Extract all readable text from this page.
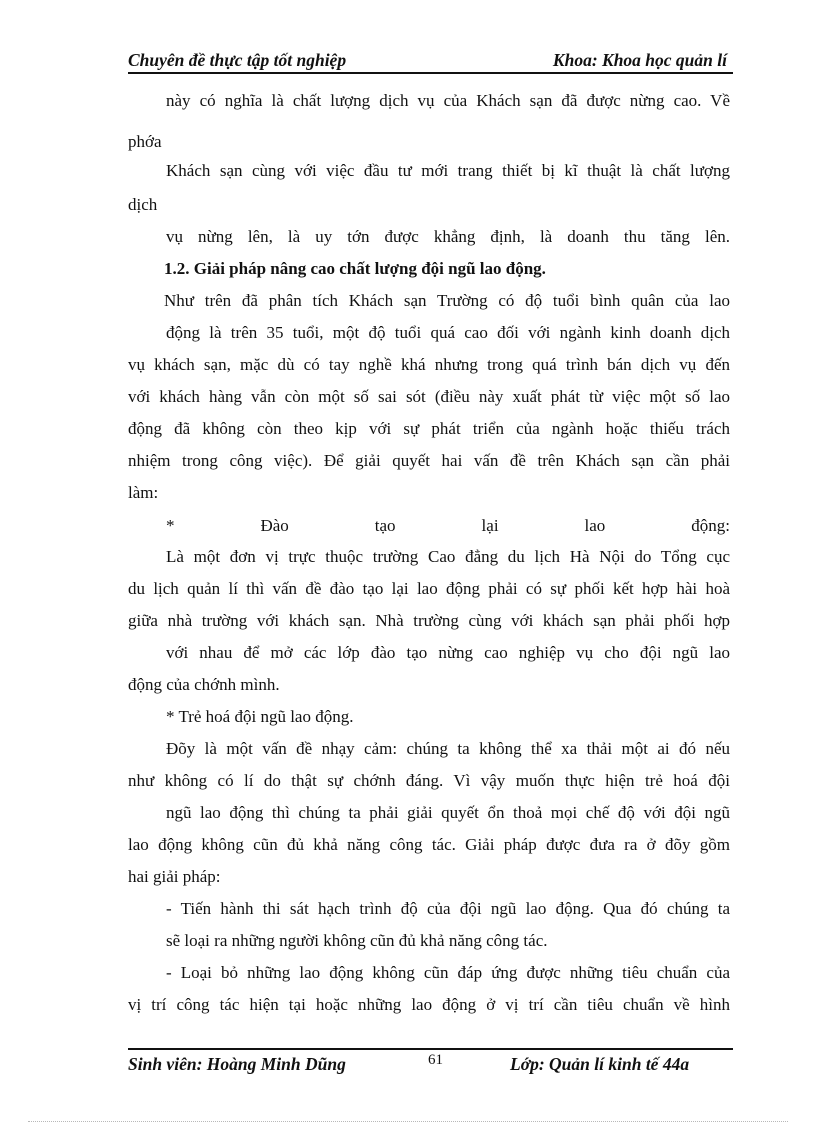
Chuyên đề thực tập tốt nghiệp	Khoa: Khoa học quản lí
này có nghĩa là chất lượng dịch vụ của Khách sạn đã được nừng cao. Về
phớa
Khách sạn cùng với việc đầu tư mới trang thiết bị kĩ thuật là chất lượng
dịch
vụ nừng lên, là uy tớn được khẳng định, là doanh thu tăng lên.
1.2. Giải pháp nâng cao chất lượng đội ngũ lao động.
Như trên đã phân tích Khách sạn Trường có độ tuổi bình quân của lao
động là trên 35 tuổi, một độ tuổi quá cao đối với ngành kinh doanh dịch
vụ khách sạn, mặc dù có tay nghề khá nhưng trong quá trình bán dịch vụ đến
với khách hàng vẫn còn một số sai sót (điều này xuất phát từ việc một số lao
động đã không còn theo kịp với sự phát triển của ngành hoặc thiếu trách
nhiệm trong công việc). Để giải quyết hai vấn đề trên Khách sạn cần phải
làm:
* Đào tạo lại lao động:
Là một đơn vị trực thuộc trường Cao đẳng du lịch Hà Nội do Tổng cục
du lịch quản lí thì vấn đề đào tạo lại lao động phải có sự phối kết hợp hài hoà
giữa nhà trường với khách sạn. Nhà trường cùng với khách sạn phải phối hợp
với nhau để mở các lớp đào tạo nừng cao nghiệp vụ cho đội ngũ lao
động của chớnh mình.
* Trẻ hoá đội ngũ lao động.
Đõy là một vấn đề nhạy cảm: chúng ta không thể xa thải một ai đó nếu
như không có lí do thật sự chớnh đáng. Vì vậy muốn thực hiện trẻ hoá đội
ngũ lao động thì chúng ta phải giải quyết ổn thoả mọi chế độ với đội ngũ
lao động không cũn đủ khả năng công tác. Giải pháp được đưa ra ở đõy gồm
hai giải pháp:
- Tiến hành thi sát hạch trình độ của đội ngũ lao động. Qua đó chúng ta
sẽ loại ra những người không cũn đủ khả năng công tác.
- Loại bỏ những lao động không cũn đáp ứng được những tiêu chuẩn của
vị trí công tác hiện tại hoặc những lao động ở vị trí cần tiêu chuẩn về hình
Sinh viên: Hoàng Minh Dũng	61	Lớp: Quản lí kinh tế 44a
